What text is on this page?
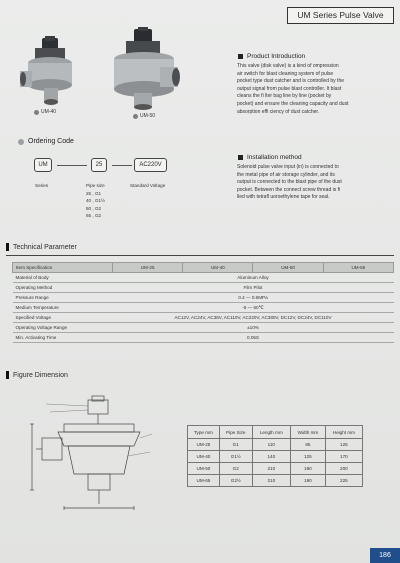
UM Series Pulse Valve
UM-40
UM-50
Product Introduction
This valve (disk valve) is a kind of ompression
air switch for blast cleaning system of pulse
pocket type dust catcher and is controlled by the
output signal from pulse blast controller. It blast
cleans the fi lter bag line by line (pocket by
pocket) and ensure the cleaning capacity and dust
absorption effi ciency of dust catcher.
Ordering Code
UM	25	AC220V
Series	Pipe size	Standard Voltage
25 , G1
40 , G1½
50 , G2
65 , G2
Installation method
Solenoid pulse valve input (in) is connected to
the metal pipe of air storage cylinder, and its
output is connected to the blast pipe of the dust
pocket. Between the connect screw thread is fi
lled with tetrafl uoroethylene tape for seal.
Technical Parameter
Item Specification	UM-25	UM-40	UM-50	UM-65
Material of Body	Aluminum Alloy			
Operating Method	Film Pilot			
Pressure Range	0.4 — 0.6MPa			
Medium Temperature	-5 — 60℃			
Specified Voltage	AC12V, AC24V, AC36V, AC110V, AC220V, AC380V, DC12V, DC24V, DC110V			
Operating Voltage Range	±10%			
Min. Activating Time	0.05S			
Figure Dimension
Type mm	Pipe Size	Length mm	Width mm	Height mm
UM-25	G1	110	85	125
UM-40	G1½	140	125	170
UM-50	G2	210	190	200
UM-65	G2½	210	190	225
186
